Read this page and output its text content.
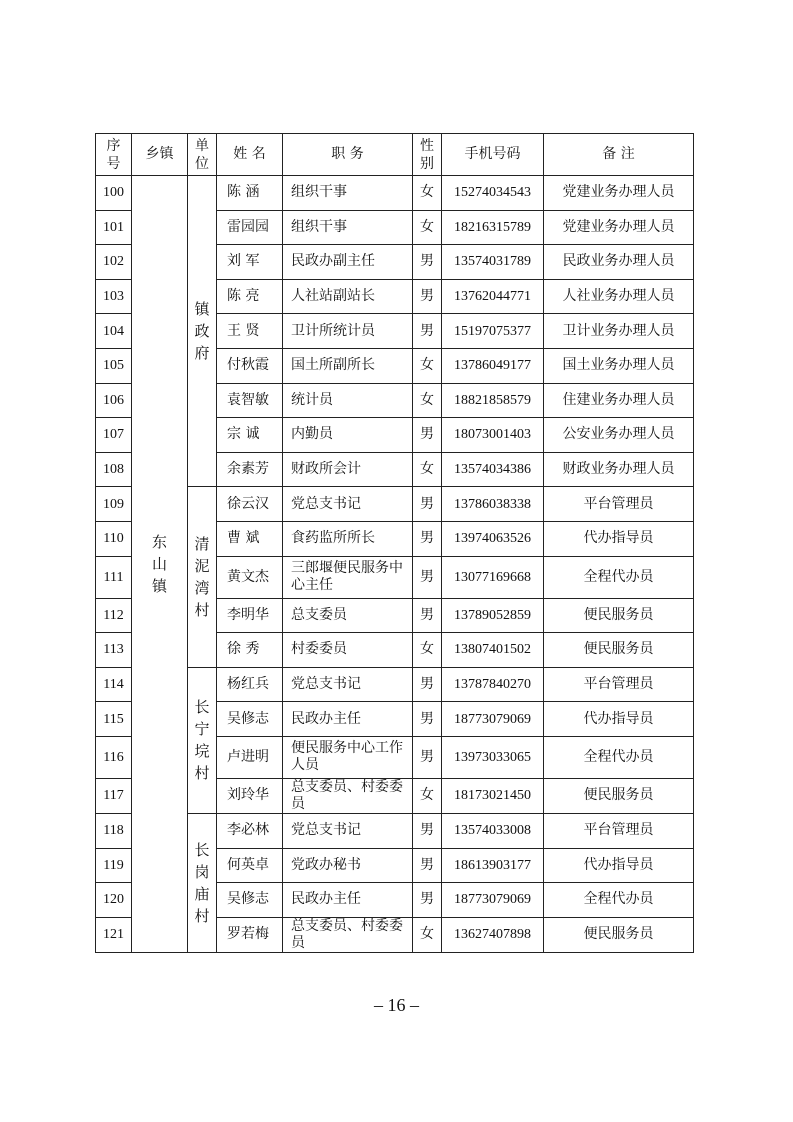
序号	乡镇	单位	姓 名	职 务	性别	手机号码	备 注
100	东山镇	镇政府	陈 涵	组织干事	女	15274034543	党建业务办理人员
101			雷园园	组织干事	女	18216315789	党建业务办理人员
102			刘 军	民政办副主任	男	13574031789	民政业务办理人员
103			陈 亮	人社站副站长	男	13762044771	人社业务办理人员
104			王 贤	卫计所统计员	男	15197075377	卫计业务办理人员
105			付秋霞	国土所副所长	女	13786049177	国土业务办理人员
106			袁智敏	统计员	女	18821858579	住建业务办理人员
107			宗 诚	内勤员	男	18073001403	公安业务办理人员
108			余素芳	财政所会计	女	13574034386	财政业务办理人员
109		清泥湾村	徐云汉	党总支书记	男	13786038338	平台管理员
110			曹 斌	食药监所所长	男	13974063526	代办指导员
111			黄文杰	三郎堰便民服务中心主任	男	13077169668	全程代办员
112			李明华	总支委员	男	13789052859	便民服务员
113			徐 秀	村委委员	女	13807401502	便民服务员
114		长宁垸村	杨红兵	党总支书记	男	13787840270	平台管理员
115			吴修志	民政办主任	男	18773079069	代办指导员
116			卢进明	便民服务中心工作人员	男	13973033065	全程代办员
117			刘玲华	总支委员、村委委员	女	18173021450	便民服务员
118		长岗庙村	李必林	党总支书记	男	13574033008	平台管理员
119			何英卓	党政办秘书	男	18613903177	代办指导员
120			吴修志	民政办主任	男	18773079069	全程代办员
121			罗若梅	总支委员、村委委员	女	13627407898	便民服务员
– 16 –
